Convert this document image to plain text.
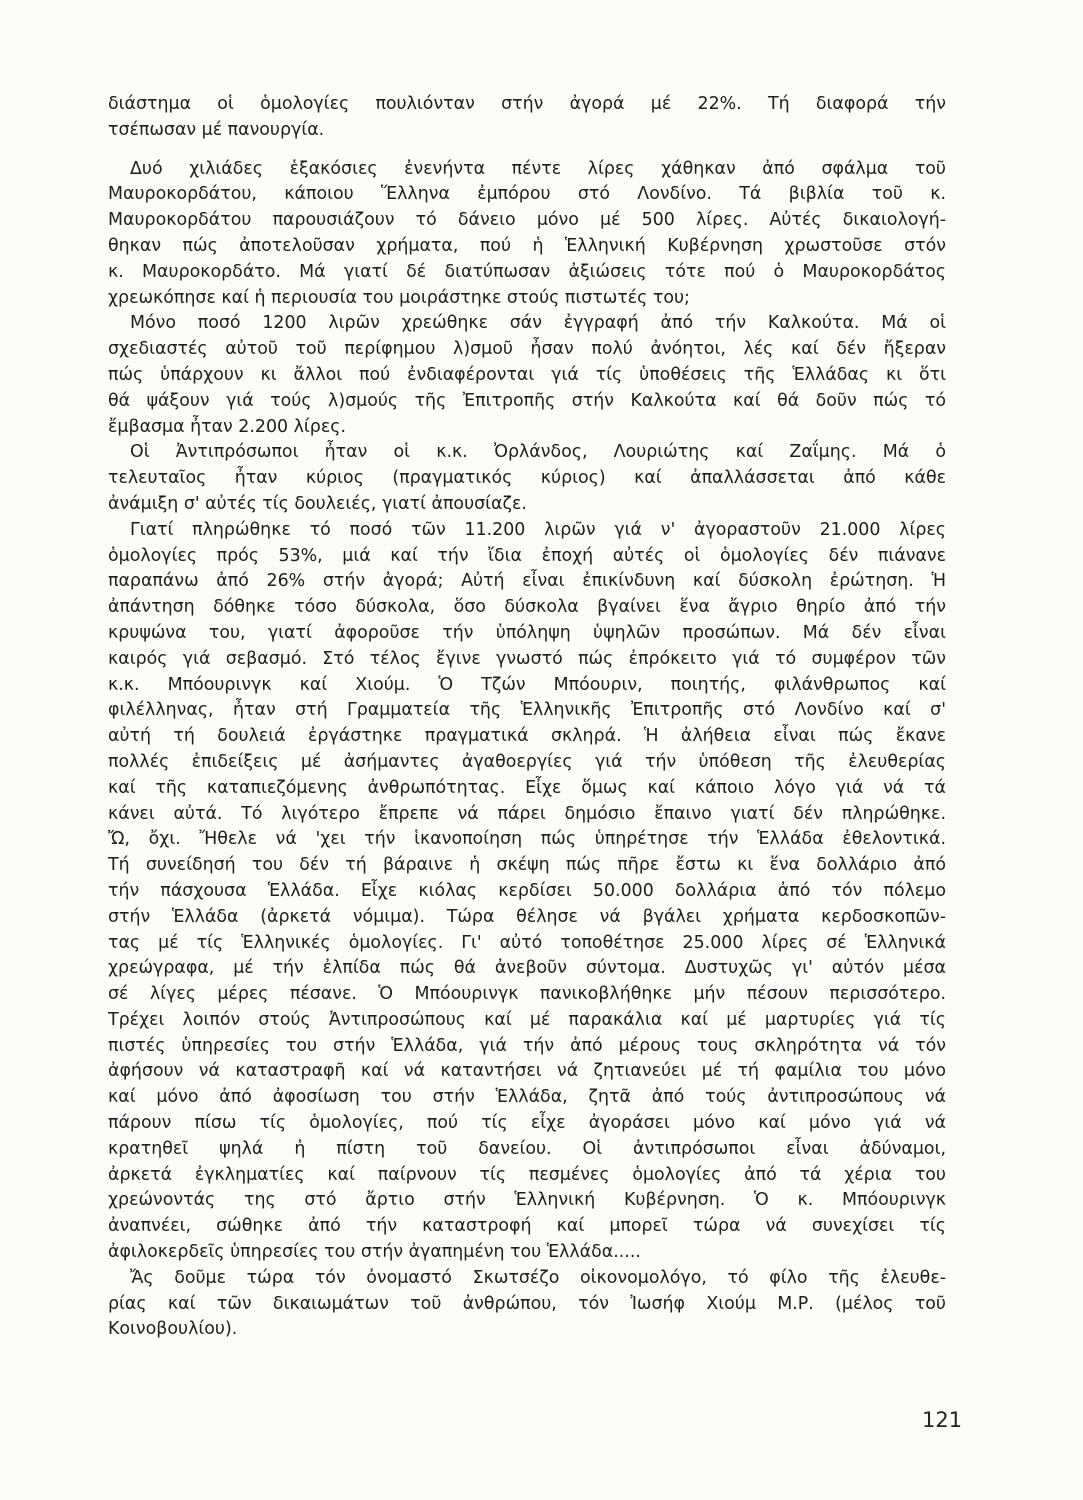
διάστημα οἱ ὁμολογίες πουλιόνταν στήν ἀγορά μέ 22%. Τή διαφορά τήν
τσέπωσαν μέ πανουργία.
Δυό χιλιάδες ἑξακόσιες ἐνενήντα πέντε λίρες χάθηκαν ἀπό σφάλμα τοῦ
Μαυροκορδάτου, κάποιου Ἕλληνα ἐμπόρου στό Λονδίνο. Τά βιβλία τοῦ κ.
Μαυροκορδάτου παρουσιάζουν τό δάνειο μόνο μέ 500 λίρες. Αὐτές δικαιολογή-
θηκαν πώς ἀποτελοῦσαν χρήματα, πού ἡ Ἑλληνική Κυβέρνηση χρωστοῦσε στόν
κ. Μαυροκορδάτο. Μά γιατί δέ διατύπωσαν ἀξιώσεις τότε πού ὁ Μαυροκορδάτος
χρεωκόπησε καί ἡ περιουσία του μοιράστηκε στούς πιστωτές του;
Μόνο ποσό 1200 λιρῶν χρεώθηκε σάν ἐγγραφή ἀπό τήν Καλκούτα. Μά οἱ
σχεδιαστές αὐτοῦ τοῦ περίφημου λ)σμοῦ ἦσαν πολύ ἀνόητοι, λές καί δέν ἤξεραν
πώς ὑπάρχουν κι ἄλλοι πού ἐνδιαφέρονται γιά τίς ὑποθέσεις τῆς Ἑλλάδας κι ὅτι
θά ψάξουν γιά τούς λ)σμούς τῆς Ἐπιτροπῆς στήν Καλκούτα καί θά δοῦν πώς τό
ἔμβασμα ἦταν 2.200 λίρες.
Οἱ Ἀντιπρόσωποι ἦταν οἱ κ.κ. Ὀρλάνδος, Λουριώτης καί Ζαΐμης. Μά ὁ
τελευταῖος ἦταν κύριος (πραγματικός κύριος) καί ἀπαλλάσσεται ἀπό κάθε
ἀνάμιξη σ' αὐτές τίς δουλειές, γιατί ἀπουσίαζε.
Γιατί πληρώθηκε τό ποσό τῶν 11.200 λιρῶν γιά ν' ἀγοραστοῦν 21.000 λίρες
ὁμολογίες πρός 53%, μιά καί τήν ἴδια ἐποχή αὐτές οἱ ὁμολογίες δέν πιάνανε
παραπάνω ἀπό 26% στήν ἀγορά; Αὐτή εἶναι ἐπικίνδυνη καί δύσκολη ἐρώτηση. Ἡ
ἀπάντηση δόθηκε τόσο δύσκολα, ὅσο δύσκολα βγαίνει ἕνα ἄγριο θηρίο ἀπό τήν
κρυψώνα του, γιατί ἀφοροῦσε τήν ὑπόληψη ὑψηλῶν προσώπων. Μά δέν εἶναι
καιρός γιά σεβασμό. Στό τέλος ἔγινε γνωστό πώς ἐπρόκειτο γιά τό συμφέρον τῶν
κ.κ. Μπόουρινγκ καί Χιούμ. Ὁ Τζών Μπόουριν, ποιητής, φιλάνθρωπος καί
φιλέλληνας, ἦταν στή Γραμματεία τῆς Ἑλληνικῆς Ἐπιτροπῆς στό Λονδίνο καί σ'
αὐτή τή δουλειά ἐργάστηκε πραγματικά σκληρά. Ἡ ἀλήθεια εἶναι πώς ἔκανε
πολλές ἐπιδείξεις μέ ἀσήμαντες ἀγαθοεργίες γιά τήν ὑπόθεση τῆς ἐλευθερίας
καί τῆς καταπιεζόμενης ἀνθρωπότητας. Εἶχε ὅμως καί κάποιο λόγο γιά νά τά
κάνει αὐτά. Τό λιγότερο ἔπρεπε νά πάρει δημόσιο ἔπαινο γιατί δέν πληρώθηκε.
Ὤ, ὄχι. Ἤθελε νά 'χει τήν ἱκανοποίηση πώς ὑπηρέτησε τήν Ἑλλάδα ἐθελοντικά.
Τή συνείδησή του δέν τή βάραινε ἡ σκέψη πώς πῆρε ἔστω κι ἕνα δολλάριο ἀπό
τήν πάσχουσα Ἑλλάδα. Εἶχε κιόλας κερδίσει 50.000 δολλάρια ἀπό τόν πόλεμο
στήν Ἑλλάδα (ἀρκετά νόμιμα). Τώρα θέλησε νά βγάλει χρήματα κερδοσκοπῶν-
τας μέ τίς Ἑλληνικές ὁμολογίες. Γι' αὐτό τοποθέτησε 25.000 λίρες σέ Ἑλληνικά
χρεώγραφα, μέ τήν ἐλπίδα πώς θά ἀνεβοῦν σύντομα. Δυστυχῶς γι' αὐτόν μέσα
σέ λίγες μέρες πέσανε. Ὁ Μπόουρινγκ πανικοβλήθηκε μήν πέσουν περισσότερο.
Τρέχει λοιπόν στούς Ἀντιπροσώπους καί μέ παρακάλια καί μέ μαρτυρίες γιά τίς
πιστές ὑπηρεσίες του στήν Ἑλλάδα, γιά τήν ἀπό μέρους τους σκληρότητα νά τόν
ἀφήσουν νά καταστραφῆ καί νά καταντήσει νά ζητιανεύει μέ τή φαμίλια του μόνο
καί μόνο ἀπό ἀφοσίωση του στήν Ἑλλάδα, ζητᾶ ἀπό τούς ἀντιπροσώπους νά
πάρουν πίσω τίς ὁμολογίες, πού τίς εἶχε ἀγοράσει μόνο καί μόνο γιά νά
κρατηθεῖ ψηλά ἡ πίστη τοῦ δανείου. Οἱ ἀντιπρόσωποι εἶναι ἀδύναμοι,
ἀρκετά ἐγκληματίες καί παίρνουν τίς πεσμένες ὁμολογίες ἀπό τά χέρια του
χρεώνοντάς της στό ἄρτιο στήν Ἑλληνική Κυβέρνηση. Ὁ κ. Μπόουρινγκ
ἀναπνέει, σώθηκε ἀπό τήν καταστροφή καί μπορεῖ τώρα νά συνεχίσει τίς
ἀφιλοκερδεῖς ὑπηρεσίες του στήν ἀγαπημένη του Ἑλλάδα.....
Ἄς δοῦμε τώρα τόν ὀνομαστό Σκωτσέζο οἰκονομολόγο, τό φίλο τῆς ἐλευθε-
ρίας καί τῶν δικαιωμάτων τοῦ ἀνθρώπου, τόν Ἰωσήφ Χιούμ Μ.Ρ. (μέλος τοῦ
Κοινοβουλίου).
121
